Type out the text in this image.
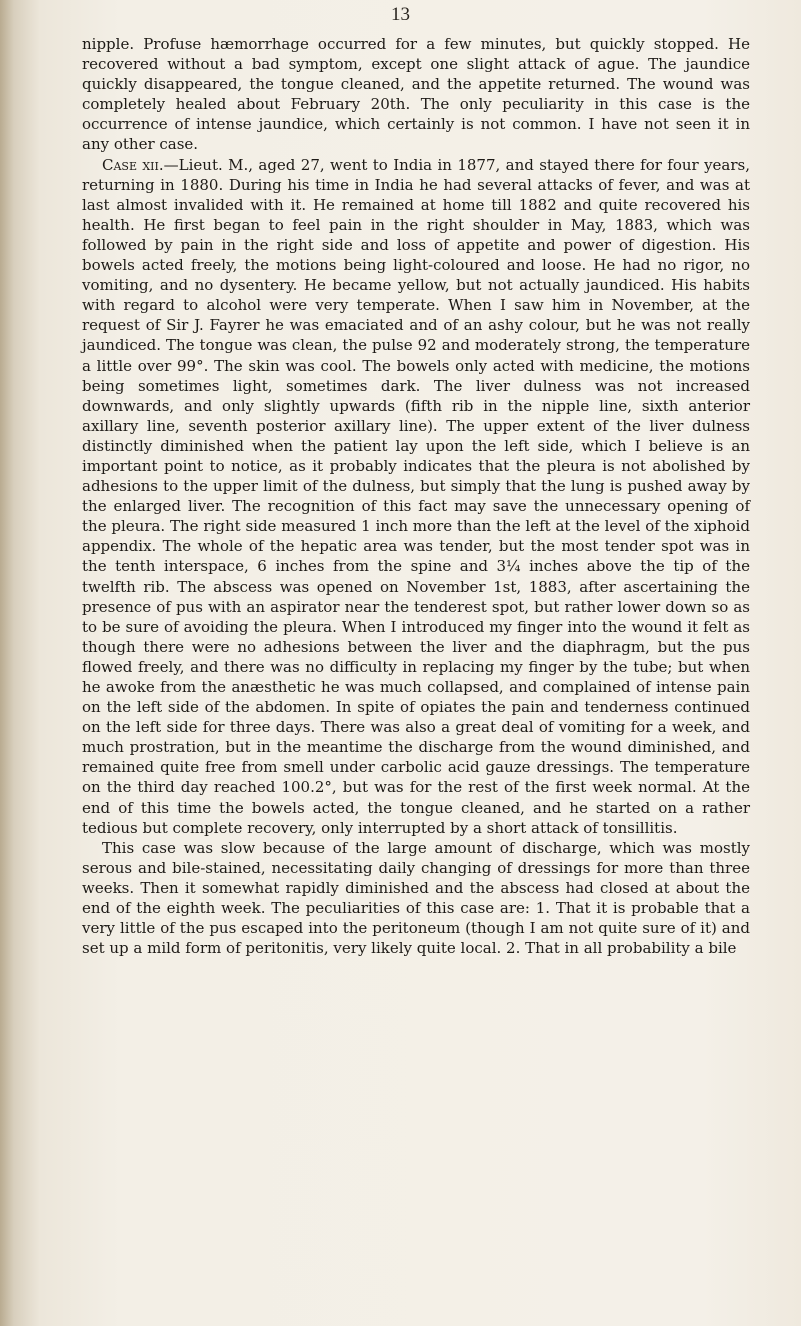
13

nipple. Profuse hæmorrhage occurred for a few minutes, but quickly stopped. He recovered without a bad symptom, except one slight attack of ague. The jaundice quickly disappeared, the tongue cleaned, and the appetite returned. The wound was completely healed about February 20th. The only peculiarity in this case is the occurrence of intense jaundice, which certainly is not common. I have not seen it in any other case.

Case xii.—Lieut. M., aged 27, went to India in 1877, and stayed there for four years, returning in 1880. During his time in India he had several attacks of fever, and was at last almost invalided with it. He remained at home till 1882 and quite recovered his health. He first began to feel pain in the right shoulder in May, 1883, which was followed by pain in the right side and loss of appetite and power of digestion. His bowels acted freely, the motions being light-coloured and loose. He had no rigor, no vomiting, and no dysentery. He became yellow, but not actually jaundiced. His habits with regard to alcohol were very temperate. When I saw him in November, at the request of Sir J. Fayrer he was emaciated and of an ashy colour, but he was not really jaundiced. The tongue was clean, the pulse 92 and moderately strong, the temperature a little over 99°. The skin was cool. The bowels only acted with medicine, the motions being sometimes light, sometimes dark. The liver dulness was not increased downwards, and only slightly upwards (fifth rib in the nipple line, sixth anterior axillary line, seventh posterior axillary line). The upper extent of the liver dulness distinctly diminished when the patient lay upon the left side, which I believe is an important point to notice, as it probably indicates that the pleura is not abolished by adhesions to the upper limit of the dulness, but simply that the lung is pushed away by the enlarged liver. The recognition of this fact may save the unnecessary opening of the pleura. The right side measured 1 inch more than the left at the level of the xiphoid appendix. The whole of the hepatic area was tender, but the most tender spot was in the tenth interspace, 6 inches from the spine and 3¼ inches above the tip of the twelfth rib. The abscess was opened on November 1st, 1883, after ascertaining the presence of pus with an aspirator near the tenderest spot, but rather lower down so as to be sure of avoiding the pleura. When I introduced my finger into the wound it felt as though there were no adhesions between the liver and the diaphragm, but the pus flowed freely, and there was no difficulty in replacing my finger by the tube; but when he awoke from the anæsthetic he was much collapsed, and complained of intense pain on the left side of the abdomen. In spite of opiates the pain and tenderness continued on the left side for three days. There was also a great deal of vomiting for a week, and much prostration, but in the meantime the discharge from the wound diminished, and remained quite free from smell under carbolic acid gauze dressings. The temperature on the third day reached 100.2°, but was for the rest of the first week normal. At the end of this time the bowels acted, the tongue cleaned, and he started on a rather tedious but complete recovery, only interrupted by a short attack of tonsillitis.

This case was slow because of the large amount of discharge, which was mostly serous and bile-stained, necessitating daily changing of dressings for more than three weeks. Then it somewhat rapidly diminished and the abscess had closed at about the end of the eighth week. The peculiarities of this case are: 1. That it is probable that a very little of the pus escaped into the peritoneum (though I am not quite sure of it) and set up a mild form of peritonitis, very likely quite local. 2. That in all probability a bile
